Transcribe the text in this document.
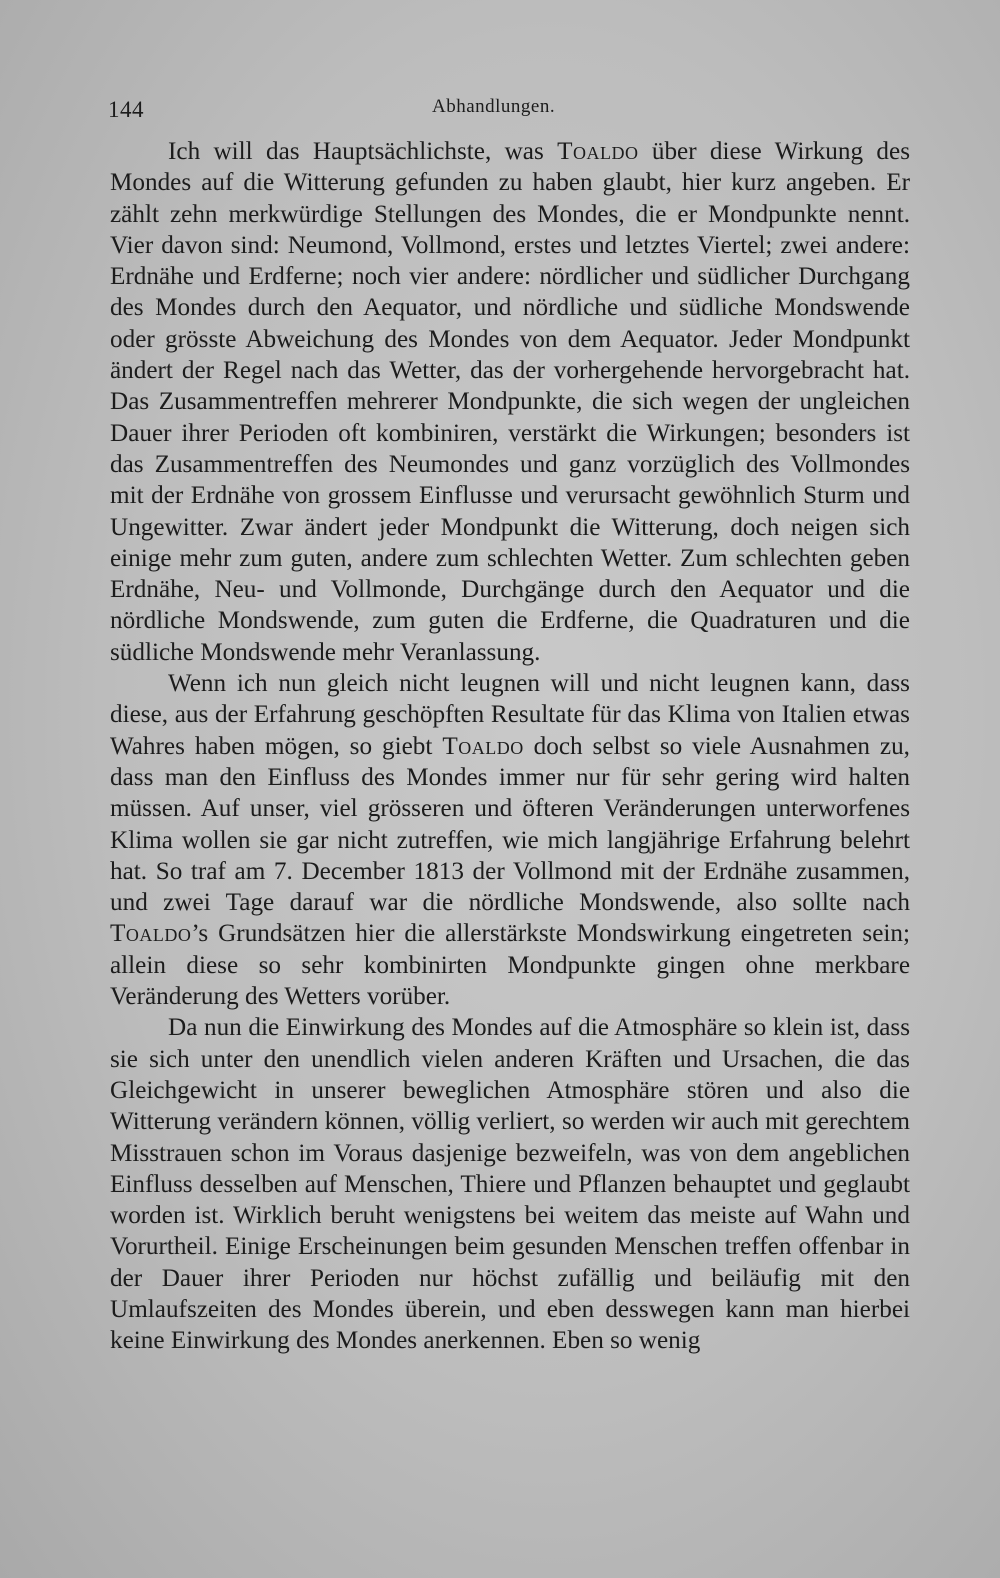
144	Abhandlungen.

Ich will das Hauptsächlichste, was Toaldo über diese Wirkung des Mondes auf die Witterung gefunden zu haben glaubt, hier kurz angeben. Er zählt zehn merkwürdige Stellungen des Mondes, die er Mondpunkte nennt. Vier davon sind: Neumond, Vollmond, erstes und letztes Viertel; zwei andere: Erdnähe und Erdferne; noch vier andere: nördlicher und südlicher Durchgang des Mondes durch den Aequator, und nördliche und südliche Mondswende oder grösste Abweichung des Mondes von dem Aequator. Jeder Mondpunkt ändert der Regel nach das Wetter, das der vorhergehende hervorgebracht hat. Das Zusammentreffen mehrerer Mondpunkte, die sich wegen der ungleichen Dauer ihrer Perioden oft kombiniren, verstärkt die Wirkungen; besonders ist das Zusammentreffen des Neumondes und ganz vorzüglich des Vollmondes mit der Erdnähe von grossem Einflusse und verursacht gewöhnlich Sturm und Ungewitter. Zwar ändert jeder Mondpunkt die Witterung, doch neigen sich einige mehr zum guten, andere zum schlechten Wetter. Zum schlechten geben Erdnähe, Neu- und Vollmonde, Durchgänge durch den Aequator und die nördliche Mondswende, zum guten die Erdferne, die Quadraturen und die südliche Mondswende mehr Veranlassung.

Wenn ich nun gleich nicht leugnen will und nicht leugnen kann, dass diese, aus der Erfahrung geschöpften Resultate für das Klima von Italien etwas Wahres haben mögen, so giebt Toaldo doch selbst so viele Ausnahmen zu, dass man den Einfluss des Mondes immer nur für sehr gering wird halten müssen. Auf unser, viel grösseren und öfteren Veränderungen unterworfenes Klima wollen sie gar nicht zutreffen, wie mich langjährige Erfahrung belehrt hat. So traf am 7. December 1813 der Vollmond mit der Erdnähe zusammen, und zwei Tage darauf war die nördliche Mondswende, also sollte nach Toaldo’s Grundsätzen hier die allerstärkste Mondswirkung eingetreten sein; allein diese so sehr kombinirten Mondpunkte gingen ohne merkbare Veränderung des Wetters vorüber.

Da nun die Einwirkung des Mondes auf die Atmosphäre so klein ist, dass sie sich unter den unendlich vielen anderen Kräften und Ursachen, die das Gleichgewicht in unserer beweglichen Atmosphäre stören und also die Witterung verändern können, völlig verliert, so werden wir auch mit gerechtem Misstrauen schon im Voraus dasjenige bezweifeln, was von dem angeblichen Einfluss desselben auf Menschen, Thiere und Pflanzen behauptet und geglaubt worden ist. Wirklich beruht wenigstens bei weitem das meiste auf Wahn und Vorurtheil. Einige Erscheinungen beim gesunden Menschen treffen offenbar in der Dauer ihrer Perioden nur höchst zufällig und beiläufig mit den Umlaufszeiten des Mondes überein, und eben desswegen kann man hierbei keine Einwirkung des Mondes anerkennen. Eben so wenig
